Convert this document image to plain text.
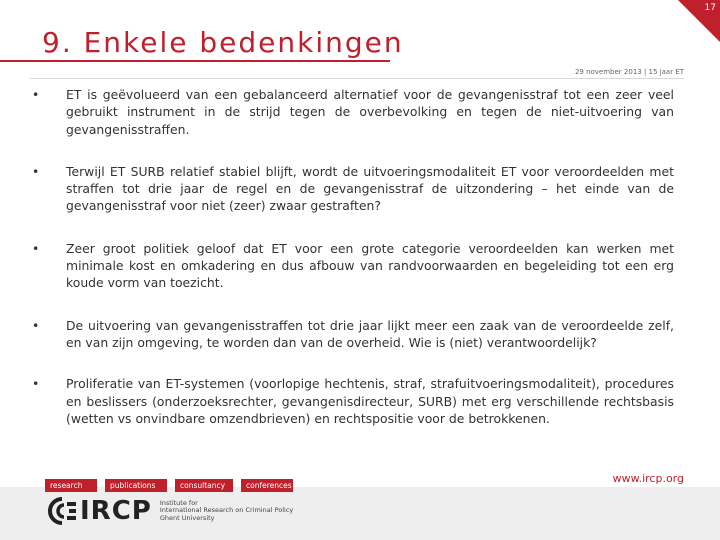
17
9. Enkele bedenkingen
29 november 2013 | 15 jaar ET
• ET is geëvolueerd van een gebalanceerd alternatief voor de gevangenisstraf tot een zeer veel gebruikt instrument in de strijd tegen de overbevolking en tegen de niet-uitvoering van gevangenisstraffen.
• Terwijl ET SURB relatief stabiel blijft, wordt de uitvoeringsmodaliteit ET voor veroordeelden met straffen tot drie jaar de regel en de gevangenisstraf de uitzondering – het einde van de gevangenisstraf voor niet (zeer) zwaar gestraften?
• Zeer groot politiek geloof dat ET voor een grote categorie veroordeelden kan werken met minimale kost en omkadering en dus afbouw van randvoorwaarden en begeleiding tot een erg koude vorm van toezicht.
• De uitvoering van gevangenisstraffen tot drie jaar lijkt meer een zaak van de veroordeelde zelf, en van zijn omgeving, te worden dan van de overheid. Wie is (niet) verantwoordelijk?
• Proliferatie van ET-systemen (voorlopige hechtenis, straf, strafuitvoeringsmodaliteit), procedures en beslissers (onderzoeksrechter, gevangenisdirecteur, SURB) met erg verschillende rechtsbasis (wetten vs onvindbare omzendbrieven) en rechtspositie voor de betrokkenen.
research	publications	consultancy	conferences
www.ircp.org
IRCP Institute for
International Research on Criminal Policy
Ghent University
